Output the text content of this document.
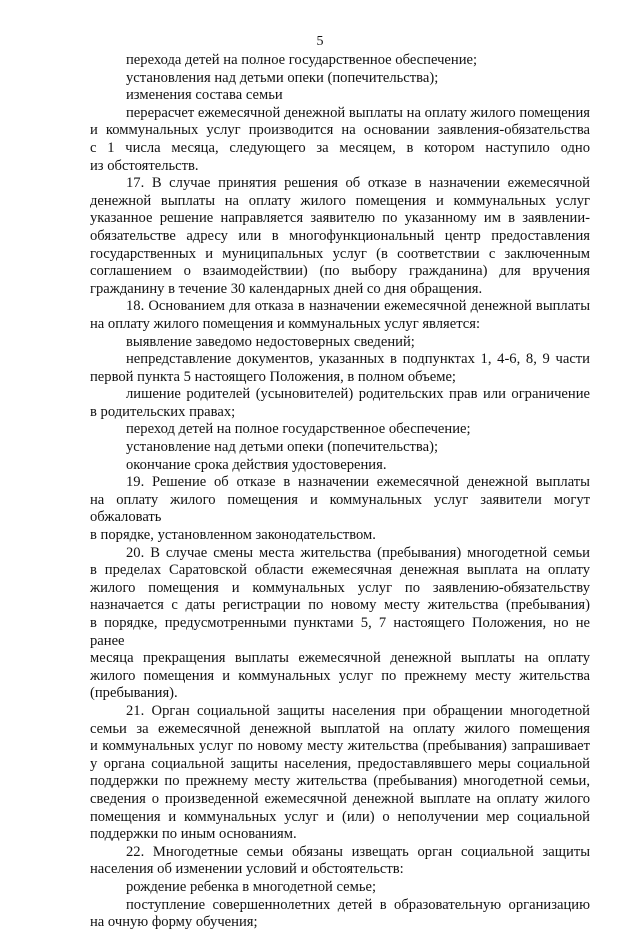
5

перехода детей на полное государственное обеспечение;

установления над детьми опеки (попечительства);

изменения состава семьи

перерасчет ежемесячной денежной выплаты на оплату жилого помещения

и коммунальных услуг производится на основании заявления-обязательства

с 1 числа месяца, следующего за месяцем, в котором наступило одно

из обстоятельств.

17. В случае принятия решения об отказе в назначении ежемесячной

денежной выплаты на оплату жилого помещения и коммунальных услуг

указанное решение направляется заявителю по указанному им в заявлении-

обязательстве адресу или в многофункциональный центр предоставления

государственных и муниципальных услуг (в соответствии с заключенным

соглашением о взаимодействии) (по выбору гражданина) для вручения

гражданину в течение 30 календарных дней со дня обращения.

18. Основанием для отказа в назначении ежемесячной денежной выплаты

на оплату жилого помещения и коммунальных услуг является:

выявление заведомо недостоверных сведений;

непредставление документов, указанных в подпунктах 1, 4-6, 8, 9 части

первой пункта 5 настоящего Положения, в полном объеме;

лишение родителей (усыновителей) родительских прав или ограничение

в родительских правах;

переход детей на полное государственное обеспечение;

установление над детьми опеки (попечительства);

окончание срока действия удостоверения.

19. Решение об отказе в назначении ежемесячной денежной выплаты

на оплату жилого помещения и коммунальных услуг заявители могут обжаловать

в порядке, установленном законодательством.

20. В случае смены места жительства (пребывания) многодетной семьи

в пределах Саратовской области ежемесячная денежная выплата на оплату

жилого помещения и коммунальных услуг по заявлению-обязательству

назначается с даты регистрации по новому месту жительства (пребывания)

в порядке, предусмотренными пунктами 5, 7 настоящего Положения, но не ранее

месяца прекращения выплаты ежемесячной денежной выплаты на оплату

жилого помещения и коммунальных услуг по прежнему месту жительства

(пребывания).

21. Орган социальной защиты населения при обращении многодетной

семьи за ежемесячной денежной выплатой на оплату жилого помещения

и коммунальных услуг по новому месту жительства (пребывания) запрашивает

у органа социальной защиты населения, предоставлявшего меры социальной

поддержки по прежнему месту жительства (пребывания) многодетной семьи,

сведения о произведенной ежемесячной денежной выплате на оплату жилого

помещения и коммунальных услуг и (или) о неполучении мер социальной

поддержки по иным основаниям.

22. Многодетные семьи обязаны извещать орган социальной защиты

населения об изменении условий и обстоятельств:

рождение ребенка в многодетной семье;

поступление совершеннолетних детей в образовательную организацию

на очную форму обучения;
